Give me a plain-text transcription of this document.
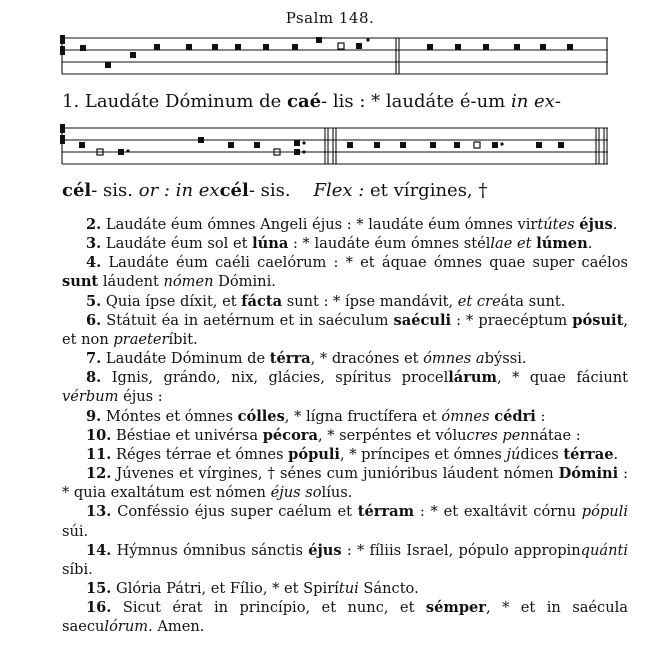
Psalm 148.
1. Laudáte Dóminum de caé- lis : * laudáte é-um in ex-
cél- sis. or : in excél- sis.    Flex : et vírgines, †

2. Laudáte éum ómnes Angeli éjus : * laudáte éum ómnes virtútes éjus.

3. Laudáte éum sol et lúna : * laudáte éum ómnes stéllae et lúmen.

4. Laudáte éum caéli caelórum : * et áquae ómnes quae super caélos sunt láudent nómen Dómini.

5. Quia ípse díxit, et fácta sunt : * ípse mandávit, et creáta sunt.

6. Státuit éa in aetérnum et in saéculum saéculi : * praecéptum pósuit, et non praeteríbit.

7. Laudáte Dóminum de térra, * dracónes et ómnes abýssi.

8. Ignis, grándo, nix, glácies, spíritus procellárum, * quae fáciunt vérbum éjus :

9. Móntes et ómnes cólles, * lígna fructífera et ómnes cédri :

10. Béstiae et univérsa pécora, * serpéntes et vólucres pennátae :

11. Réges térrae et ómnes pópuli, * príncipes et ómnes júdices térrae.

12. Júvenes et vírgines, † sénes cum junióribus láudent nómen Dómini : * quia exaltátum est nómen éjus solíus.

13. Conféssio éjus super caélum et térram : * et exaltávit córnu pópuli súi.

14. Hýmnus ómnibus sánctis éjus : * fíliis Israel, pópulo appropinquánti síbi.

15. Glória Pátri, et Fílio, * et Spirítui Sáncto.

16. Sicut érat in princípio, et nunc, et sémper, * et in saécula saeculórum. Amen.
